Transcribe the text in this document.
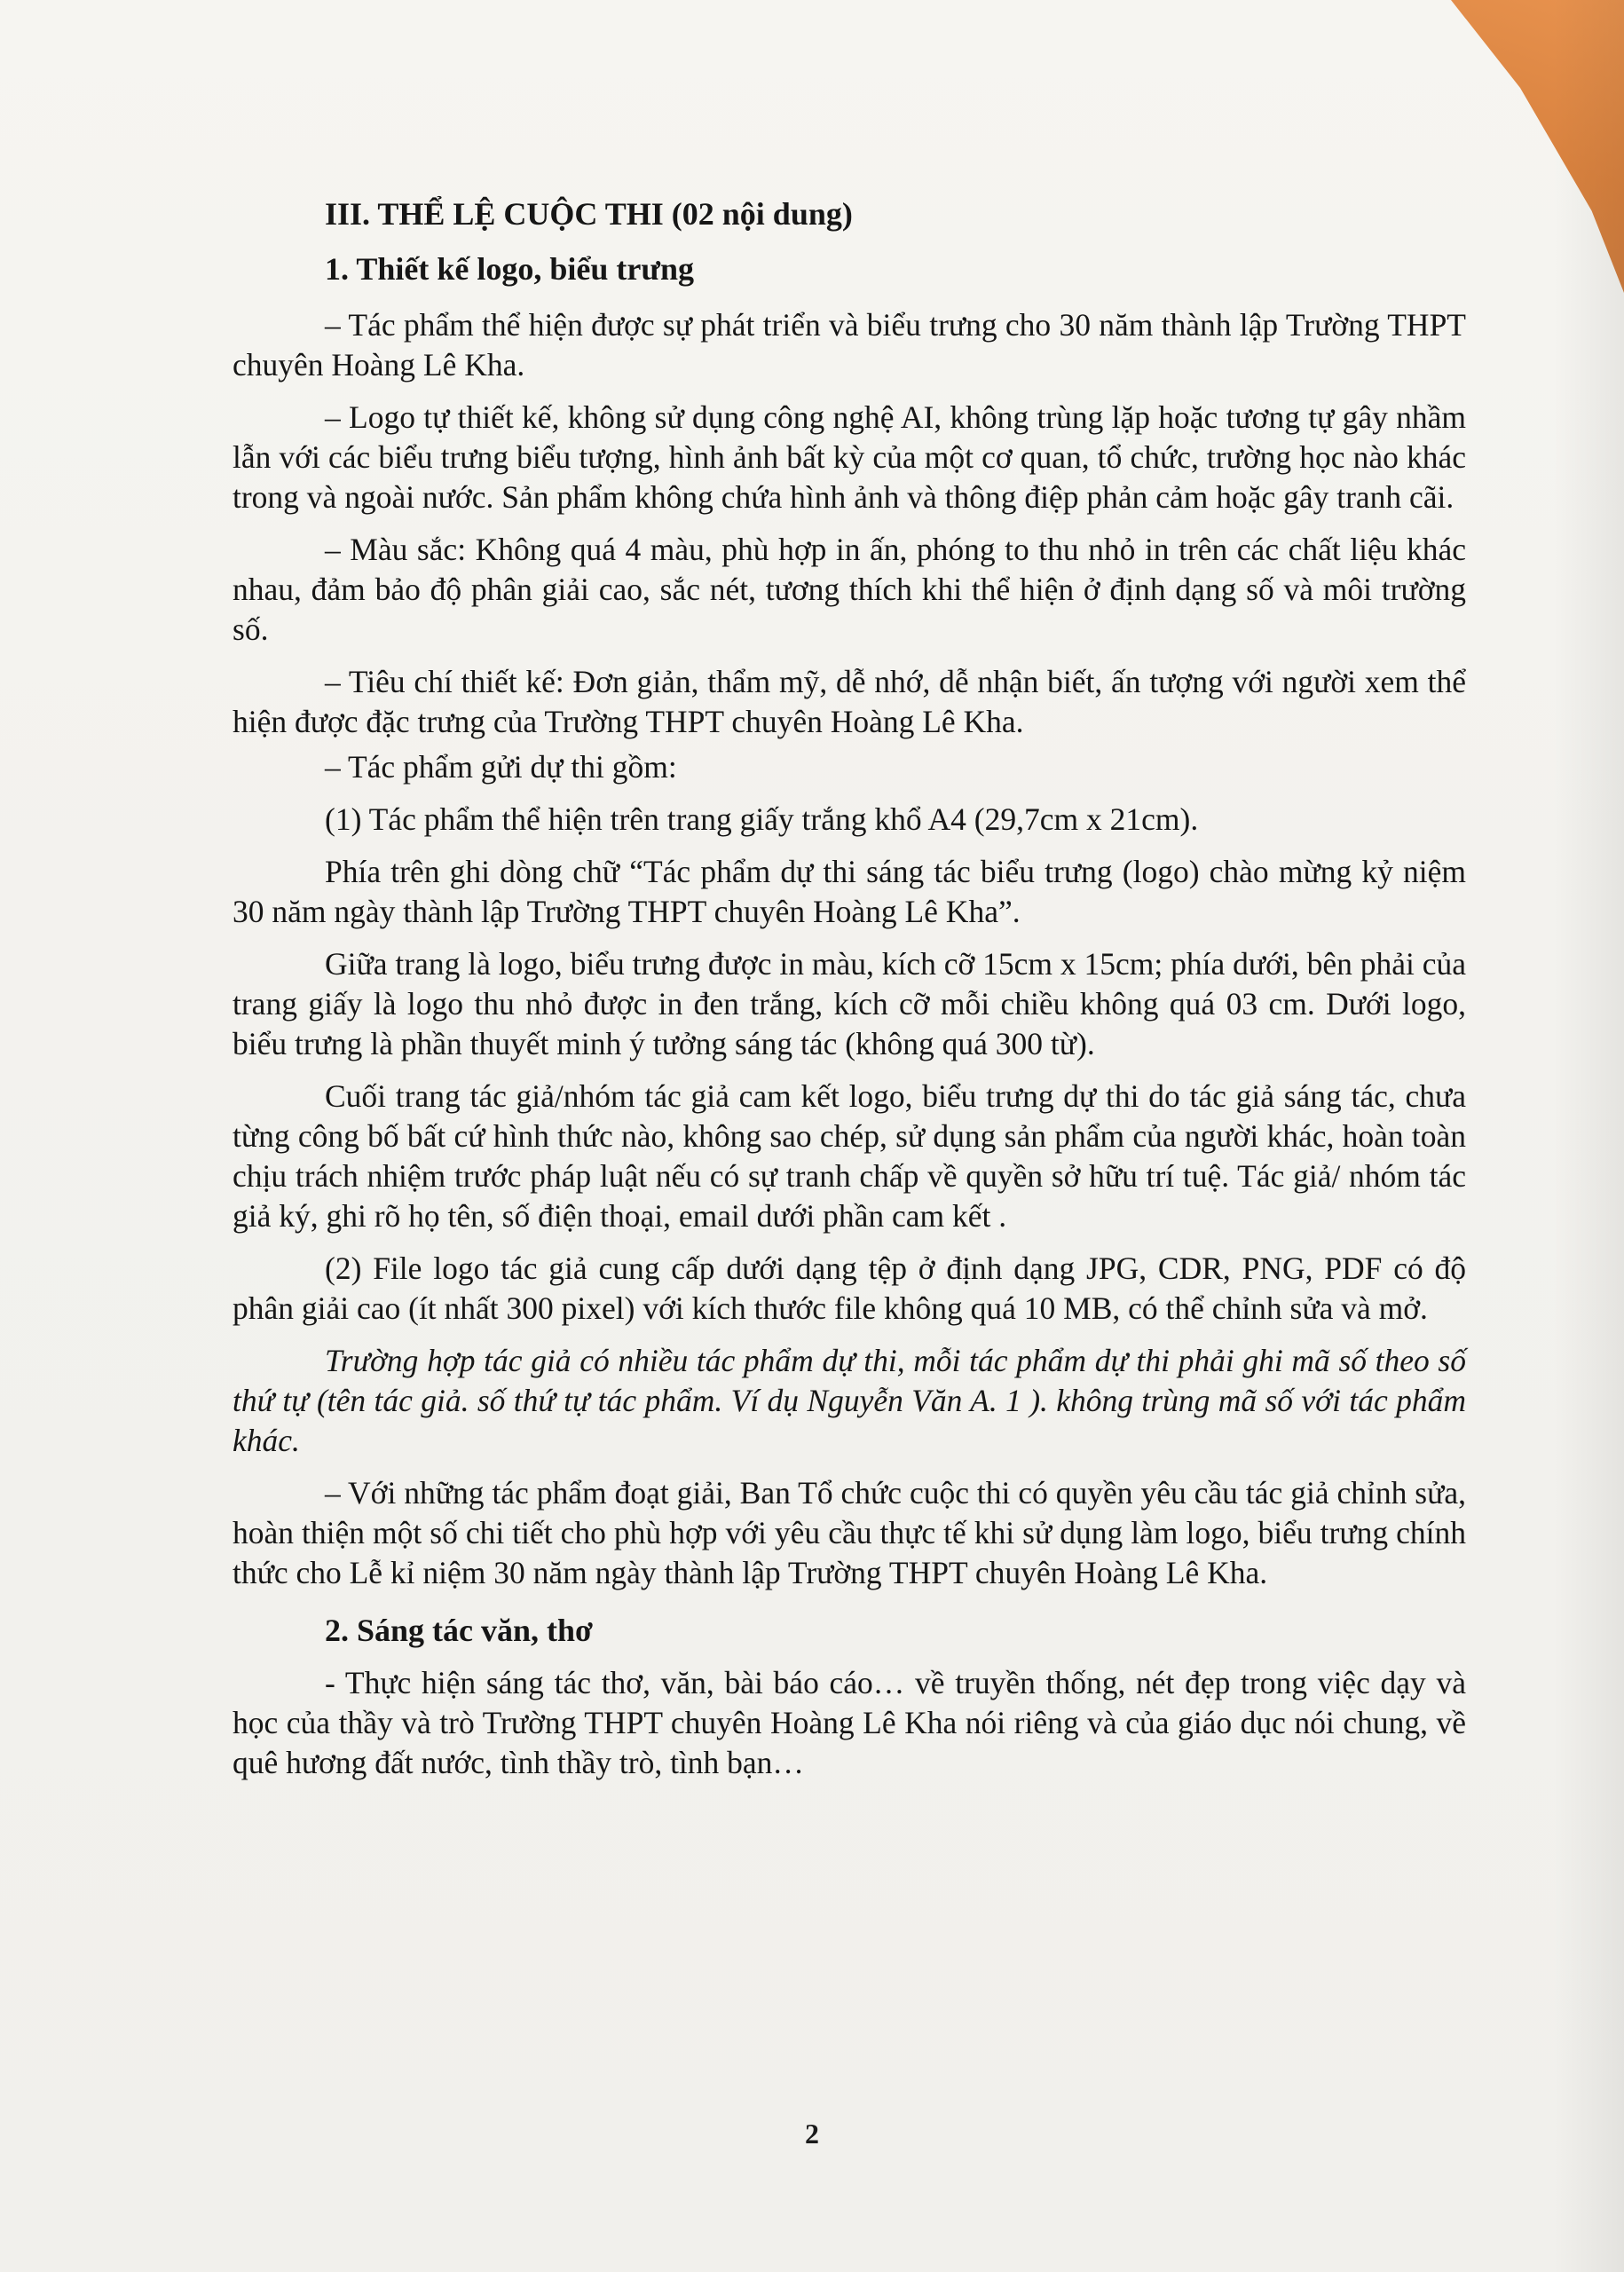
III. THỂ LỆ CUỘC THI (02 nội dung)
1. Thiết kế logo, biểu trưng

– Tác phẩm thể hiện được sự phát triển và biểu trưng cho 30 năm thành lập Trường THPT chuyên Hoàng Lê Kha.

– Logo tự thiết kế, không sử dụng công nghệ AI, không trùng lặp hoặc tương tự gây nhầm lẫn với các biểu trưng biểu tượng, hình ảnh bất kỳ của một cơ quan, tổ chức, trường học nào khác trong và ngoài nước. Sản phẩm không chứa hình ảnh và thông điệp phản cảm hoặc gây tranh cãi.

– Màu sắc: Không quá 4 màu, phù hợp in ấn, phóng to thu nhỏ in trên các chất liệu khác nhau, đảm bảo độ phân giải cao, sắc nét, tương thích khi thể hiện ở định dạng số và môi trường số.

– Tiêu chí thiết kế: Đơn giản, thẩm mỹ, dễ nhớ, dễ nhận biết, ấn tượng với người xem thể hiện được đặc trưng của Trường THPT chuyên Hoàng Lê Kha.

– Tác phẩm gửi dự thi gồm:

(1) Tác phẩm thể hiện trên trang giấy trắng khổ A4 (29,7cm x 21cm).

Phía trên ghi dòng chữ “Tác phẩm dự thi sáng tác biểu trưng (logo) chào mừng kỷ niệm 30 năm ngày thành lập Trường THPT chuyên Hoàng Lê Kha”.

Giữa trang là logo, biểu trưng được in màu, kích cỡ 15cm x 15cm; phía dưới, bên phải của trang giấy là logo thu nhỏ được in đen trắng, kích cỡ mỗi chiều không quá 03 cm. Dưới logo, biểu trưng là phần thuyết minh ý tưởng sáng tác (không quá 300 từ).

Cuối trang tác giả/nhóm tác giả cam kết logo, biểu trưng dự thi do tác giả sáng tác, chưa từng công bố bất cứ hình thức nào, không sao chép, sử dụng sản phẩm của người khác, hoàn toàn chịu trách nhiệm trước pháp luật nếu có sự tranh chấp về quyền sở hữu trí tuệ. Tác giả/ nhóm tác giả ký, ghi rõ họ tên, số điện thoại, email dưới phần cam kết .

(2) File logo tác giả cung cấp dưới dạng tệp ở định dạng JPG, CDR, PNG, PDF có độ phân giải cao (ít nhất 300 pixel) với kích thước file không quá 10 MB, có thể chỉnh sửa và mở.

Trường hợp tác giả có nhiều tác phẩm dự thi, mỗi tác phẩm dự thi phải ghi mã số theo số thứ tự (tên tác giả. số thứ tự tác phẩm. Ví dụ Nguyễn Văn A. 1 ). không trùng mã số với tác phẩm khác.

– Với những tác phẩm đoạt giải, Ban Tổ chức cuộc thi có quyền yêu cầu tác giả chỉnh sửa, hoàn thiện một số chi tiết cho phù hợp với yêu cầu thực tế khi sử dụng làm logo, biểu trưng chính thức cho Lễ kỉ niệm 30 năm ngày thành lập Trường THPT chuyên Hoàng Lê Kha.

2. Sáng tác văn, thơ

- Thực hiện sáng tác thơ, văn, bài báo cáo… về truyền thống, nét đẹp trong việc dạy và học của thầy và trò Trường THPT chuyên Hoàng Lê Kha nói riêng và của giáo dục nói chung, về quê hương đất nước, tình thầy trò, tình bạn…

2
